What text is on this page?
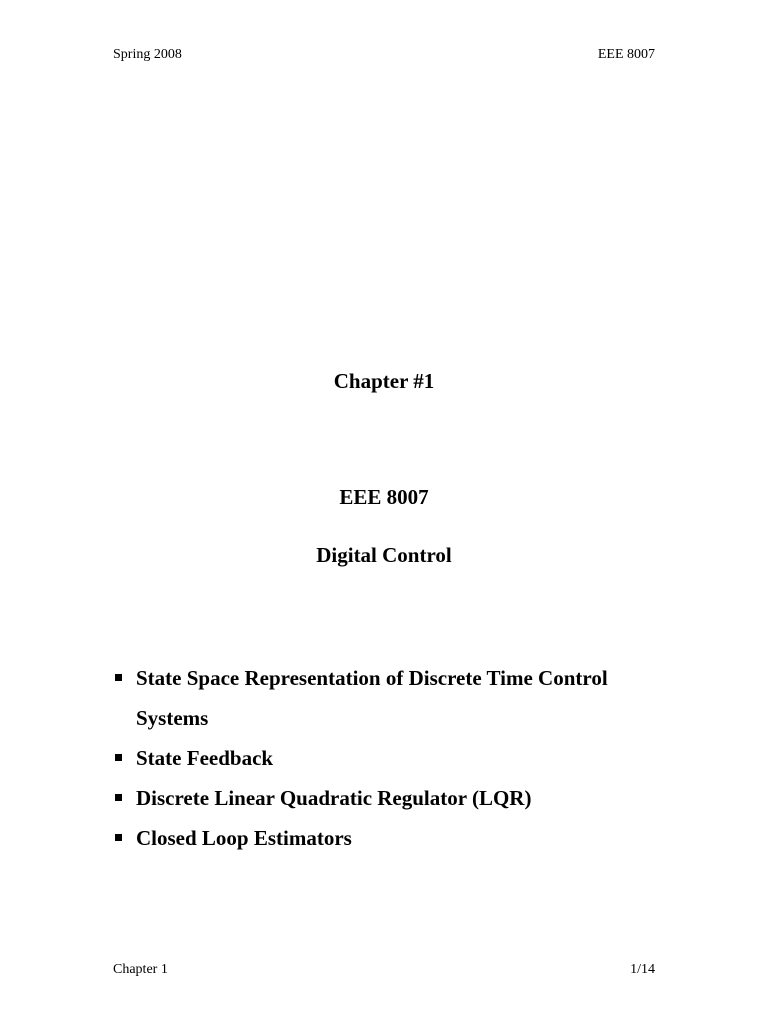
Spring 2008	EEE 8007
Chapter #1
EEE 8007
Digital Control
State Space Representation of Discrete Time Control Systems
State Feedback
Discrete Linear Quadratic Regulator (LQR)
Closed Loop Estimators
Chapter 1	1/14
